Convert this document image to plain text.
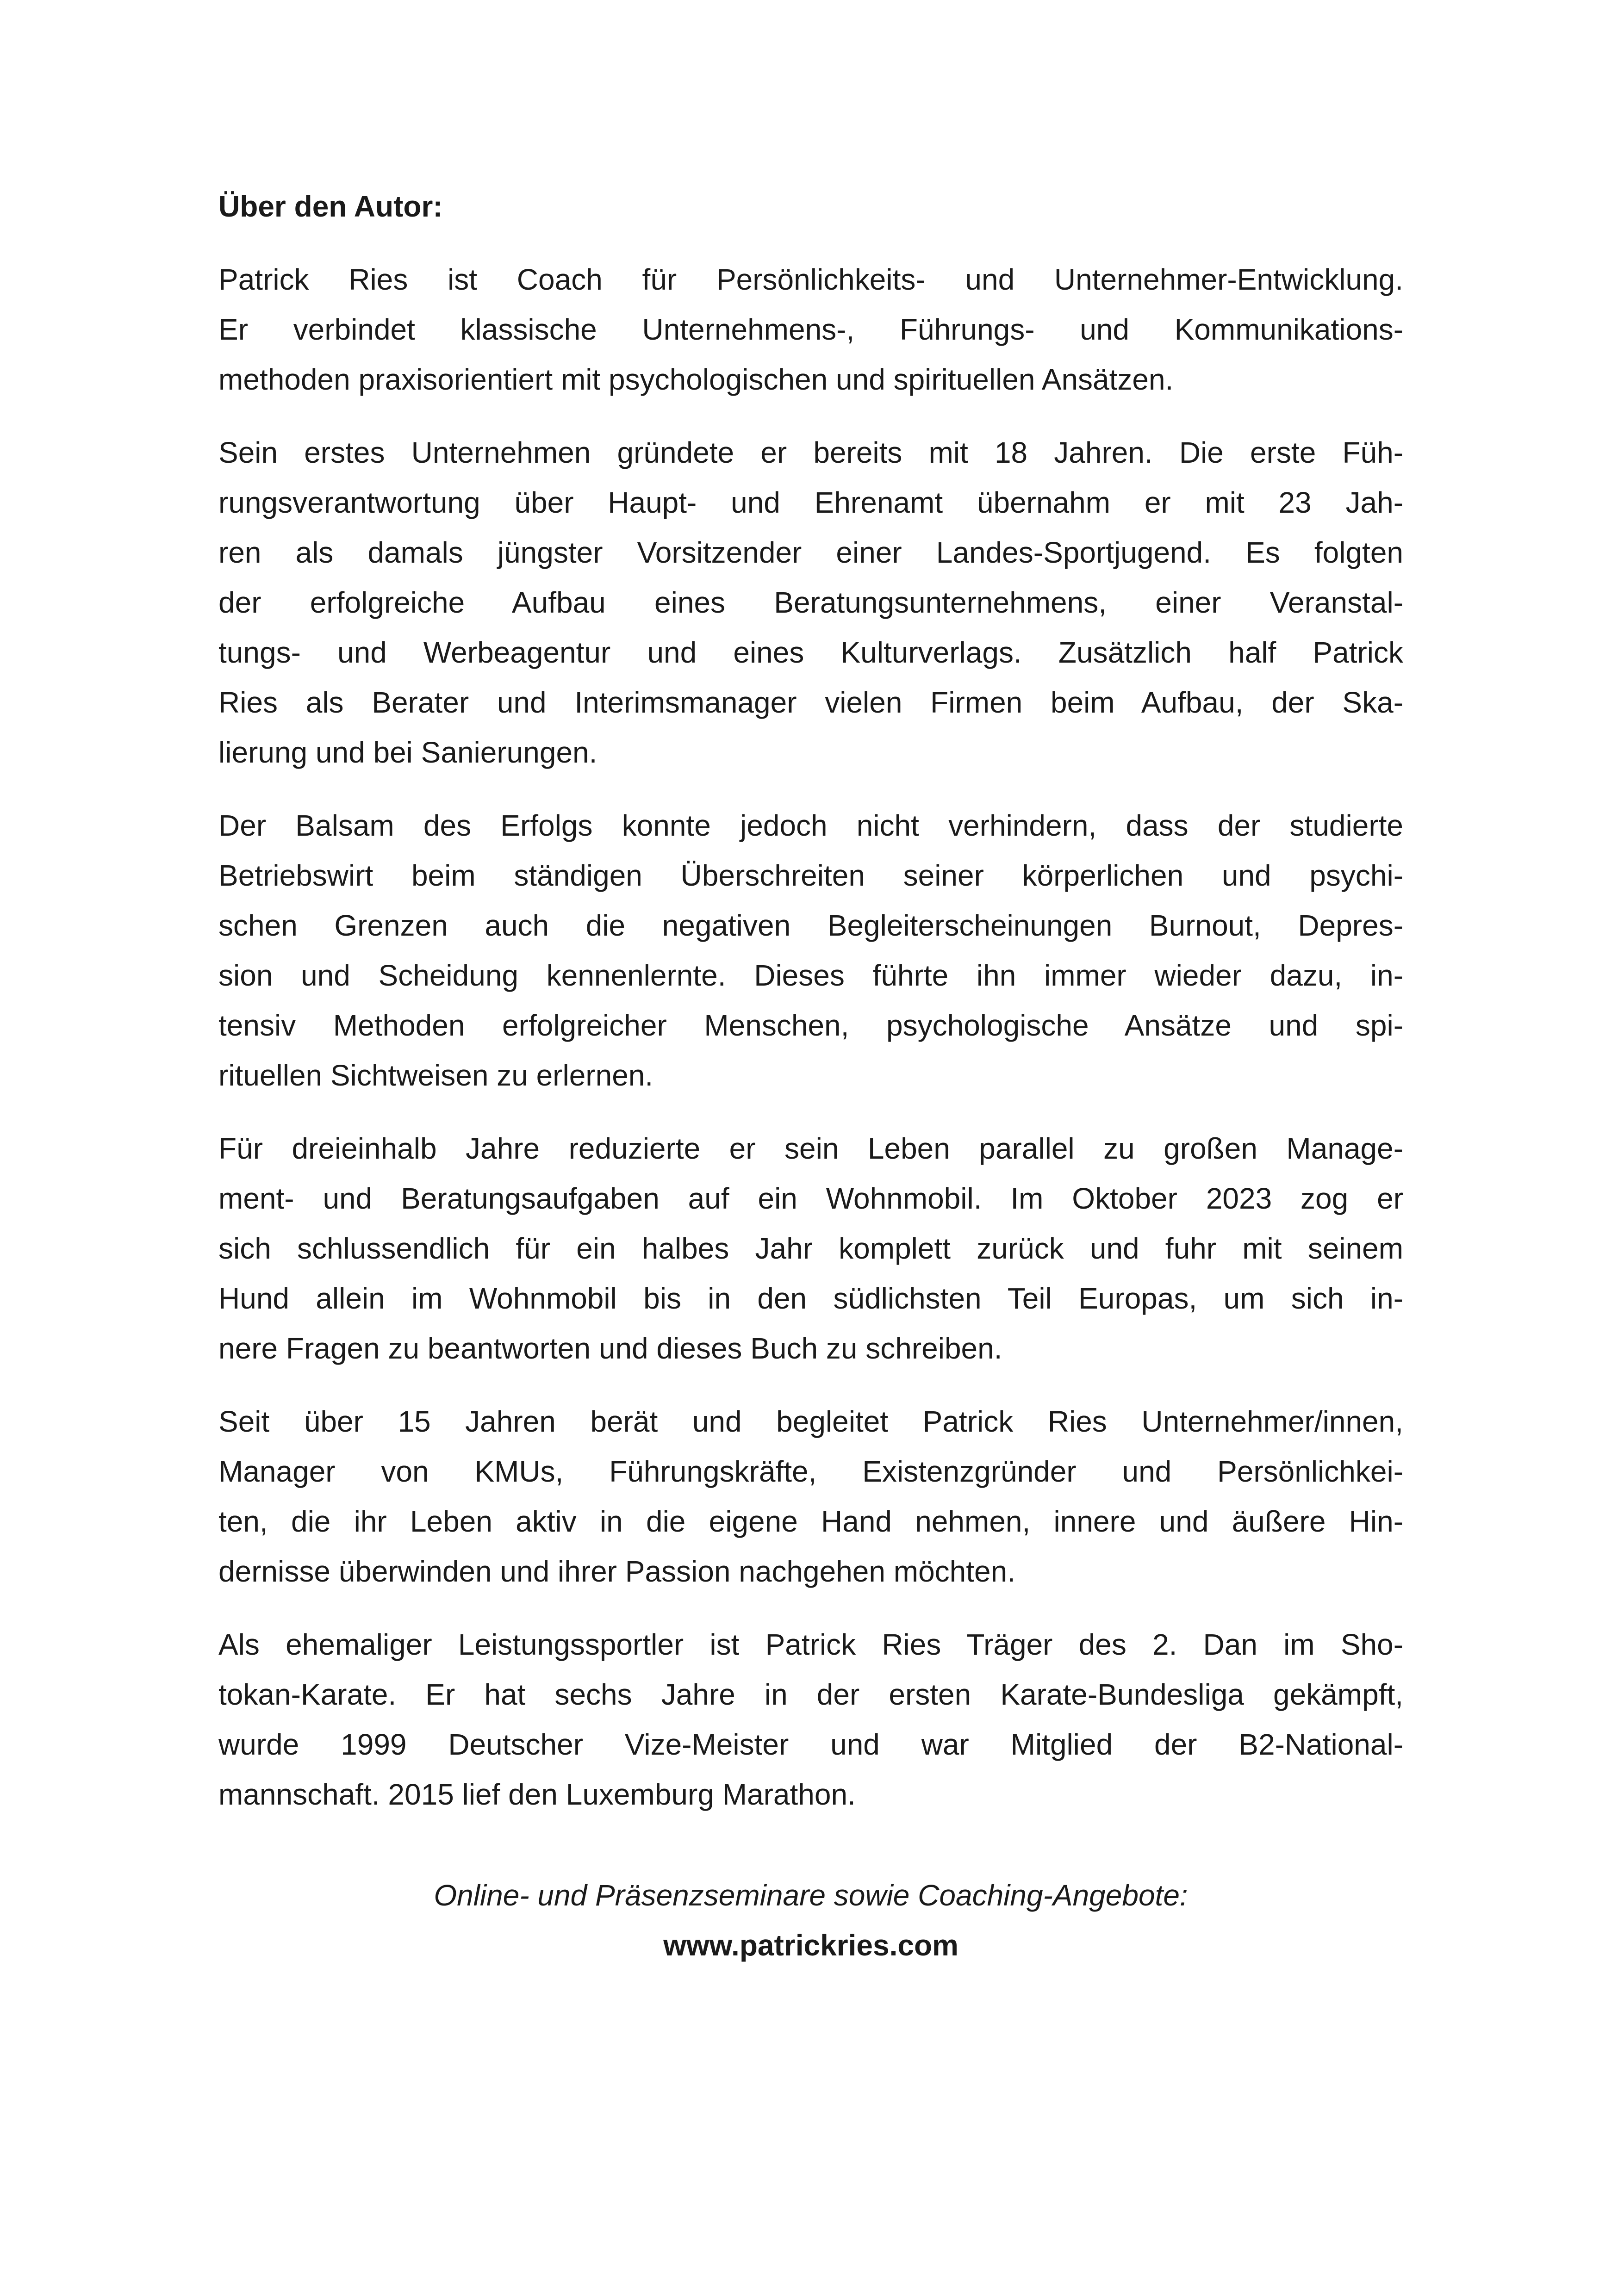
Über den Autor:
Patrick Ries ist Coach für Persönlichkeits- und Unternehmer-Entwicklung.
Er verbindet klassische Unternehmens-, Führungs- und Kommunikations-
methoden praxisorientiert mit psychologischen und spirituellen Ansätzen.
Sein erstes Unternehmen gründete er bereits mit 18 Jahren. Die erste Füh-
rungsverantwortung über Haupt- und Ehrenamt übernahm er mit 23 Jah-
ren als damals jüngster Vorsitzender einer Landes-Sportjugend. Es folgten
der erfolgreiche Aufbau eines Beratungsunternehmens, einer Veranstal-
tungs- und Werbeagentur und eines Kulturverlags. Zusätzlich half Patrick
Ries als Berater und Interimsmanager vielen Firmen beim Aufbau, der Ska-
lierung und bei Sanierungen.
Der Balsam des Erfolgs konnte jedoch nicht verhindern, dass der studierte
Betriebswirt beim ständigen Überschreiten seiner körperlichen und psychi-
schen Grenzen auch die negativen Begleiterscheinungen Burnout, Depres-
sion und Scheidung kennenlernte. Dieses führte ihn immer wieder dazu, in-
tensiv Methoden erfolgreicher Menschen, psychologische Ansätze und spi-
rituellen Sichtweisen zu erlernen.
Für dreieinhalb Jahre reduzierte er sein Leben parallel zu großen Manage-
ment- und Beratungsaufgaben auf ein Wohnmobil. Im Oktober 2023 zog er
sich schlussendlich für ein halbes Jahr komplett zurück und fuhr mit seinem
Hund allein im Wohnmobil bis in den südlichsten Teil Europas, um sich in-
nere Fragen zu beantworten und dieses Buch zu schreiben.
Seit über 15 Jahren berät und begleitet Patrick Ries Unternehmer/innen,
Manager von KMUs, Führungskräfte, Existenzgründer und Persönlichkei-
ten, die ihr Leben aktiv in die eigene Hand nehmen, innere und äußere Hin-
dernisse überwinden und ihrer Passion nachgehen möchten.
Als ehemaliger Leistungssportler ist Patrick Ries Träger des 2. Dan im Sho-
tokan-Karate. Er hat sechs Jahre in der ersten Karate-Bundesliga gekämpft,
wurde 1999 Deutscher Vize-Meister und war Mitglied der B2-National-
mannschaft. 2015 lief den Luxemburg Marathon.
Online- und Präsenzseminare sowie Coaching-Angebote:
www.patrickries.com
